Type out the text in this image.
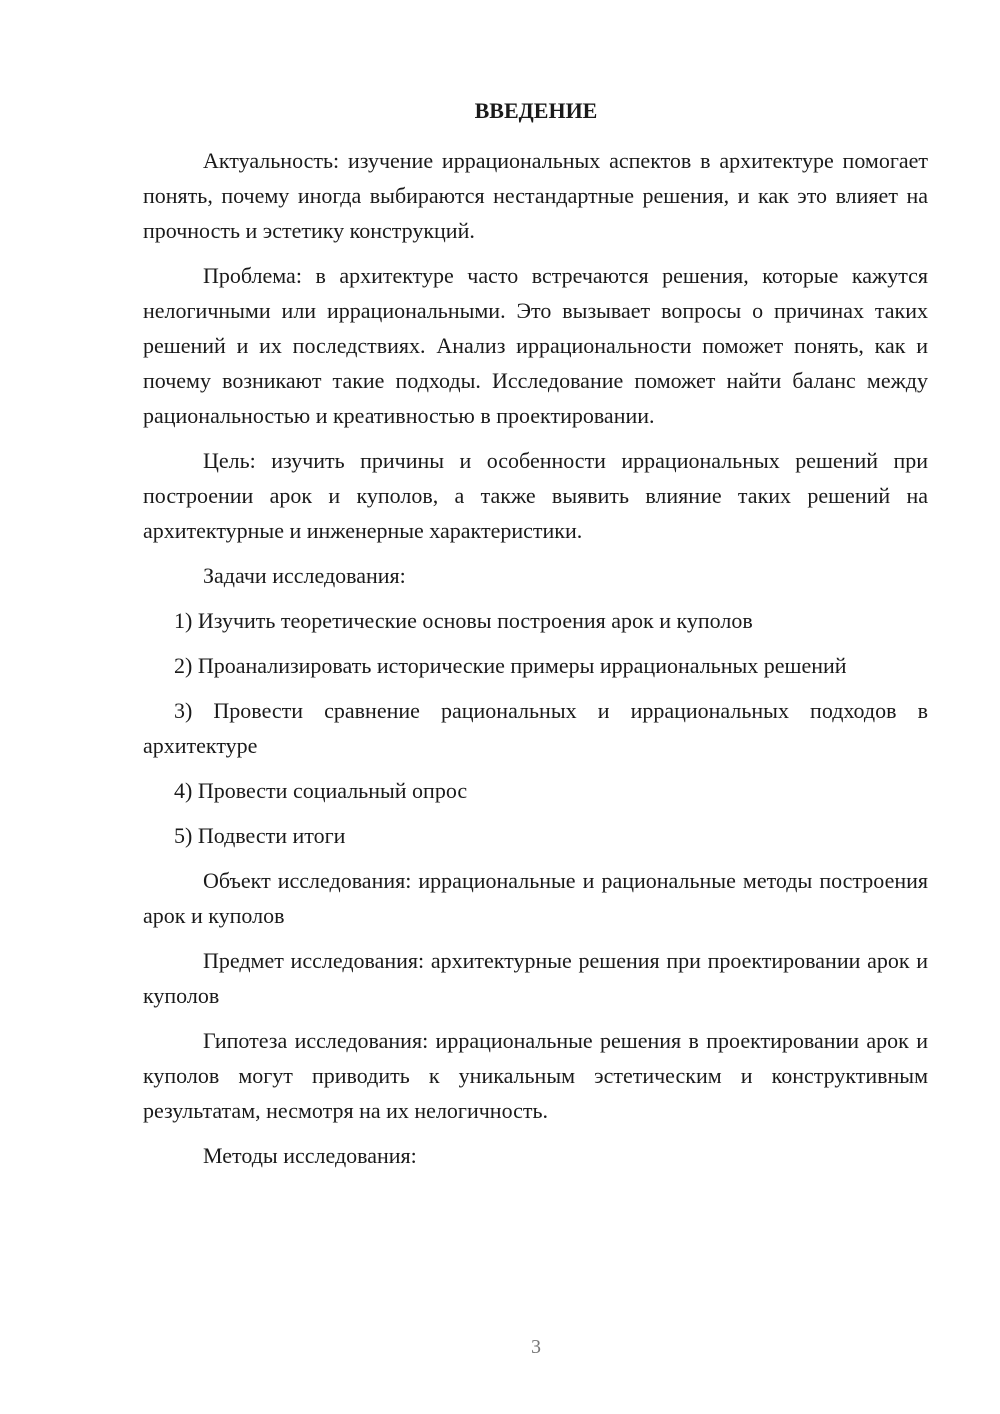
ВВЕДЕНИЕ

Актуальность: изучение иррациональных аспектов в архитектуре помогает понять, почему иногда выбираются нестандартные решения, и как это влияет на прочность и эстетику конструкций.

Проблема: в архитектуре часто встречаются решения, которые кажутся нелогичными или иррациональными. Это вызывает вопросы о причинах таких решений и их последствиях. Анализ иррациональности поможет понять, как и почему возникают такие подходы. Исследование поможет найти баланс между рациональностью и креативностью в проектировании.

Цель: изучить причины и особенности иррациональных решений при построении арок и куполов, а также выявить влияние таких решений на архитектурные и инженерные характеристики.

Задачи исследования:

1) Изучить теоретические основы построения арок и куполов

2) Проанализировать исторические примеры иррациональных решений

3) Провести сравнение рациональных и иррациональных подходов в архитектуре

4) Провести социальный опрос

5) Подвести итоги

Объект исследования: иррациональные и рациональные методы построения арок и куполов

Предмет исследования: архитектурные решения при проектировании арок и куполов

Гипотеза исследования: иррациональные решения в проектировании арок и куполов могут приводить к уникальным эстетическим и конструктивным результатам, несмотря на их нелогичность.

Методы исследования:

3
